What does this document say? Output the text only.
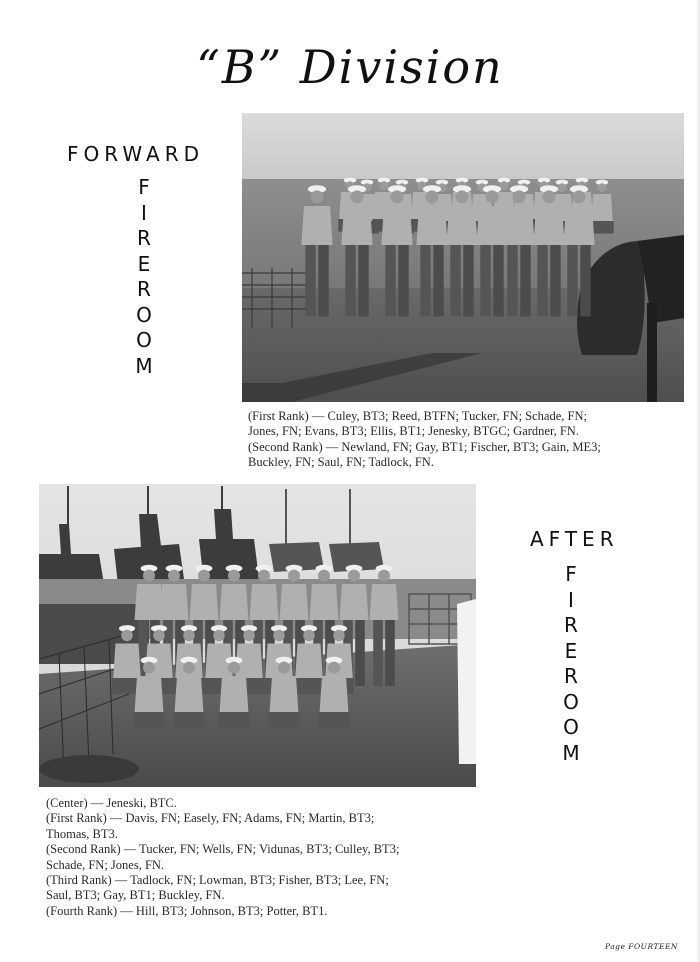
“B” Division
FORWARD
F
I
R
E
R
O
O
M
(First Rank) — Culey, BT3; Reed, BTFN; Tucker, FN; Schade, FN;
Jones, FN; Evans, BT3; Ellis, BT1; Jenesky, BTGC; Gardner, FN.
(Second Rank) — Newland, FN; Gay, BT1; Fischer, BT3; Gain, ME3;
Buckley, FN; Saul, FN; Tadlock, FN.
AFTER
F
I
R
E
R
O
O
M
(Center) — Jeneski, BTC.
(First Rank) — Davis, FN; Easely, FN; Adams, FN; Martin, BT3;
Thomas, BT3.
(Second Rank) — Tucker, FN; Wells, FN; Vidunas, BT3; Culley, BT3;
Schade, FN; Jones, FN.
(Third Rank) — Tadlock, FN; Lowman, BT3; Fisher, BT3; Lee, FN;
Saul, BT3; Gay, BT1; Buckley, FN.
(Fourth Rank) — Hill, BT3; Johnson, BT3; Potter, BT1.
Page FOURTEEN
